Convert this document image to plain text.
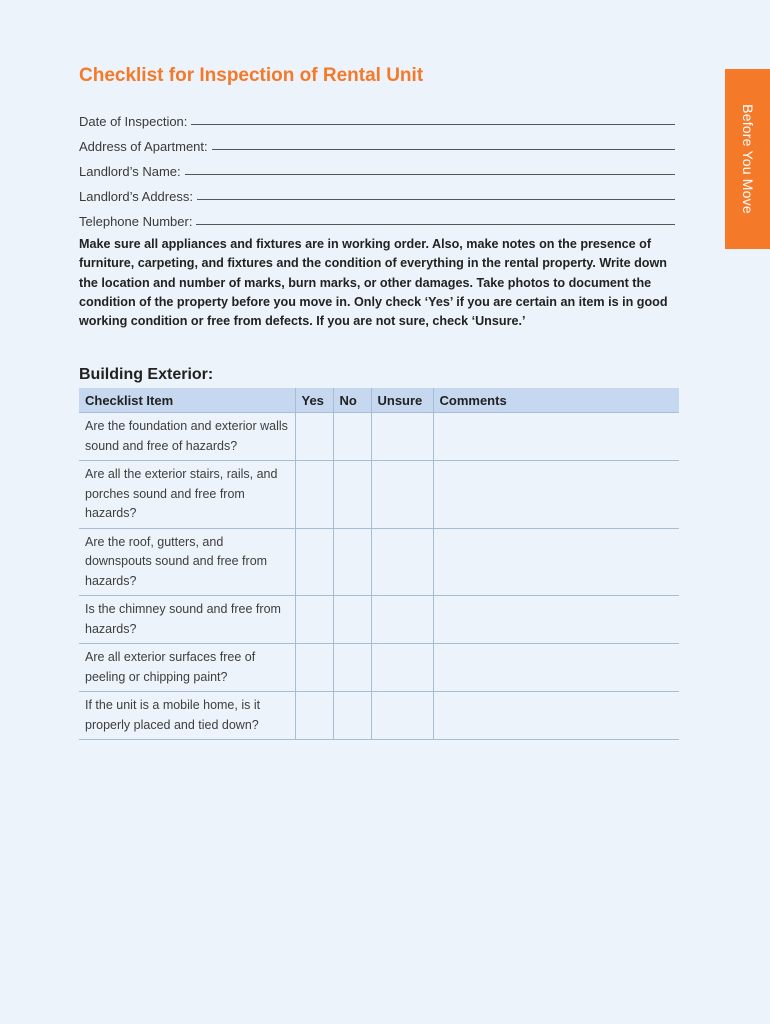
Before You Move
Checklist for Inspection of Rental Unit
Date of Inspection:
Address of Apartment:
Landlord’s Name:
Landlord’s Address:
Telephone Number:

Make sure all appliances and fixtures are in working order. Also, make notes on the presence of furniture, carpeting, and fixtures and the condition of everything in the rental property. Write down the location and number of marks, burn marks, or other damages. Take photos to document the condition of the property before you move in. Only check ‘Yes’ if you are certain an item is in good working condition or free from defects. If you are not sure, check ‘Unsure.’

Building Exterior:
Checklist Item	Yes	No	Unsure	Comments
Are the foundation and exterior walls sound and free of hazards?				
Are all the exterior stairs, rails, and porches sound and free from hazards?				
Are the roof, gutters, and downspouts sound and free from hazards?				
Is the chimney sound and free from hazards?				
Are all exterior surfaces free of peeling or chipping paint?				
If the unit is a mobile home, is it properly placed and tied down?				
